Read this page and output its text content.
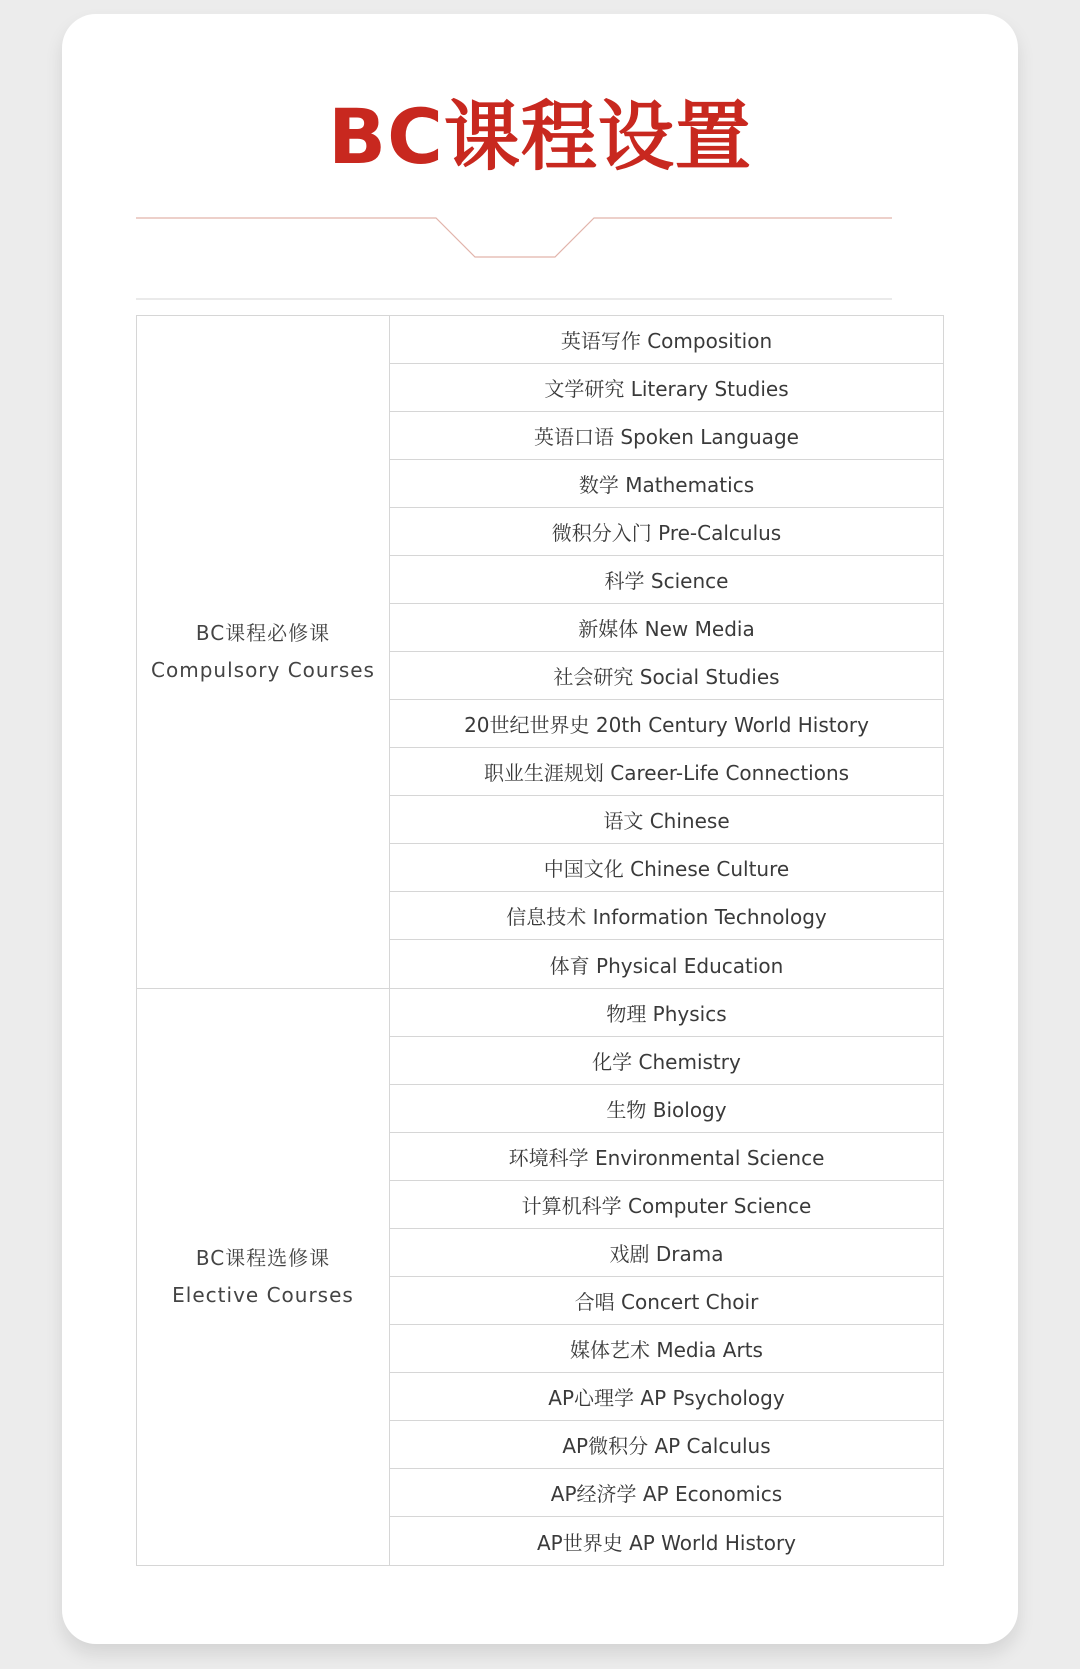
BC课程设置
BC课程必修课
Compulsory Courses
英语写作 Composition
文学研究 Literary Studies
英语口语 Spoken Language
数学 Mathematics
微积分入门 Pre-Calculus
科学 Science
新媒体 New Media
社会研究 Social Studies
20世纪世界史 20th Century World History
职业生涯规划 Career-Life Connections
语文 Chinese
中国文化 Chinese Culture
信息技术 Information Technology
体育 Physical Education
BC课程选修课
Elective Courses
物理 Physics
化学 Chemistry
生物 Biology
环境科学 Environmental Science
计算机科学 Computer Science
戏剧 Drama
合唱 Concert Choir
媒体艺术 Media Arts
AP心理学 AP Psychology
AP微积分 AP Calculus
AP经济学 AP Economics
AP世界史 AP World History
